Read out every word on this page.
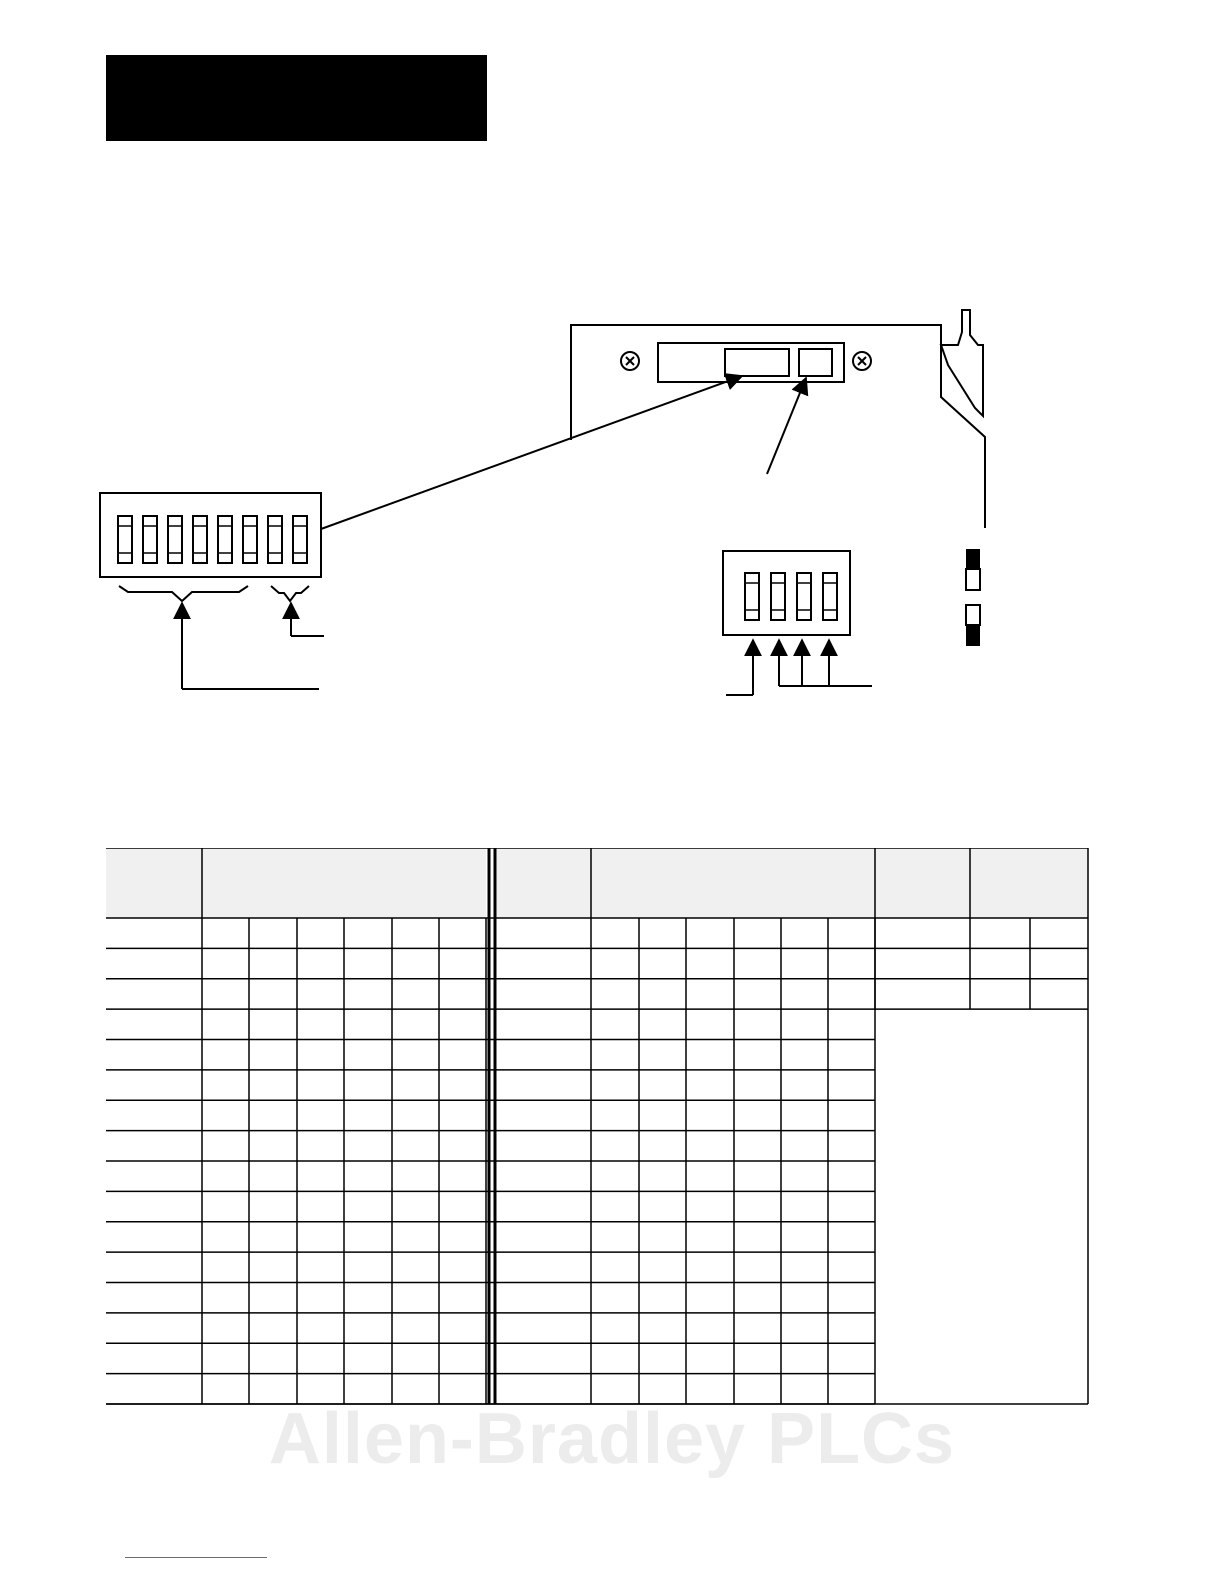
Allen-Bradley PLCs
